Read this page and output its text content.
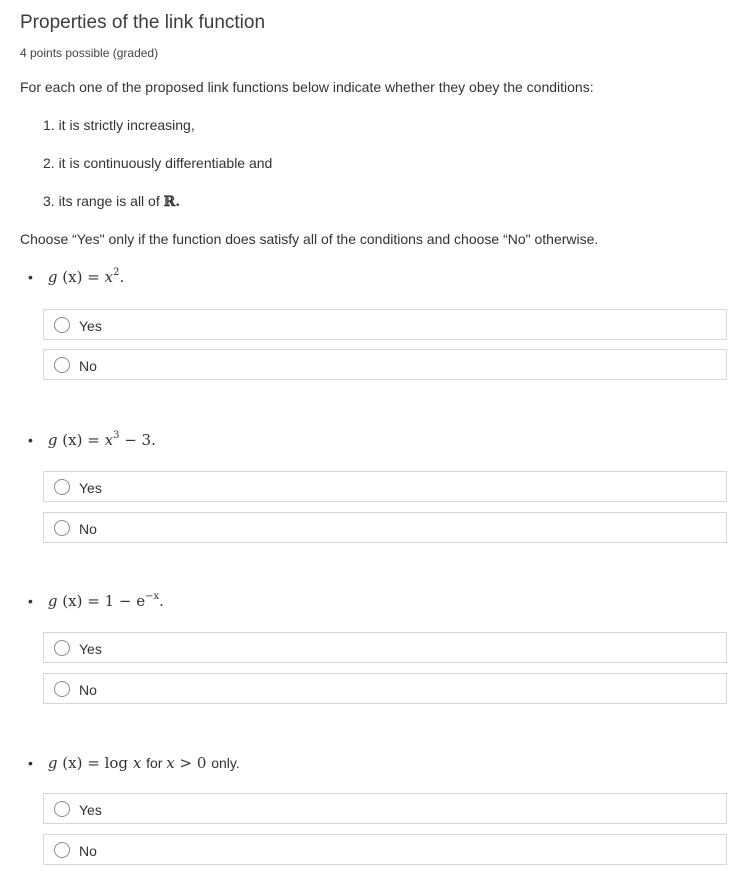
Properties of the link function
4 points possible (graded)
For each one of the proposed link functions below indicate whether they obey the conditions:
1. it is strictly increasing,
2. it is continuously differentiable and
3. its range is all of ℝ.
Choose “Yes" only if the function does satisfy all of the conditions and choose “No" otherwise.
• g $(x) = x^2$.
Yes
No
• g $(x) = x^3 - 3$.
Yes
No
• g $(x) = 1 - e^{-x}$.
Yes
No
• g (x) = log x for x > 0 only.
Yes
No
